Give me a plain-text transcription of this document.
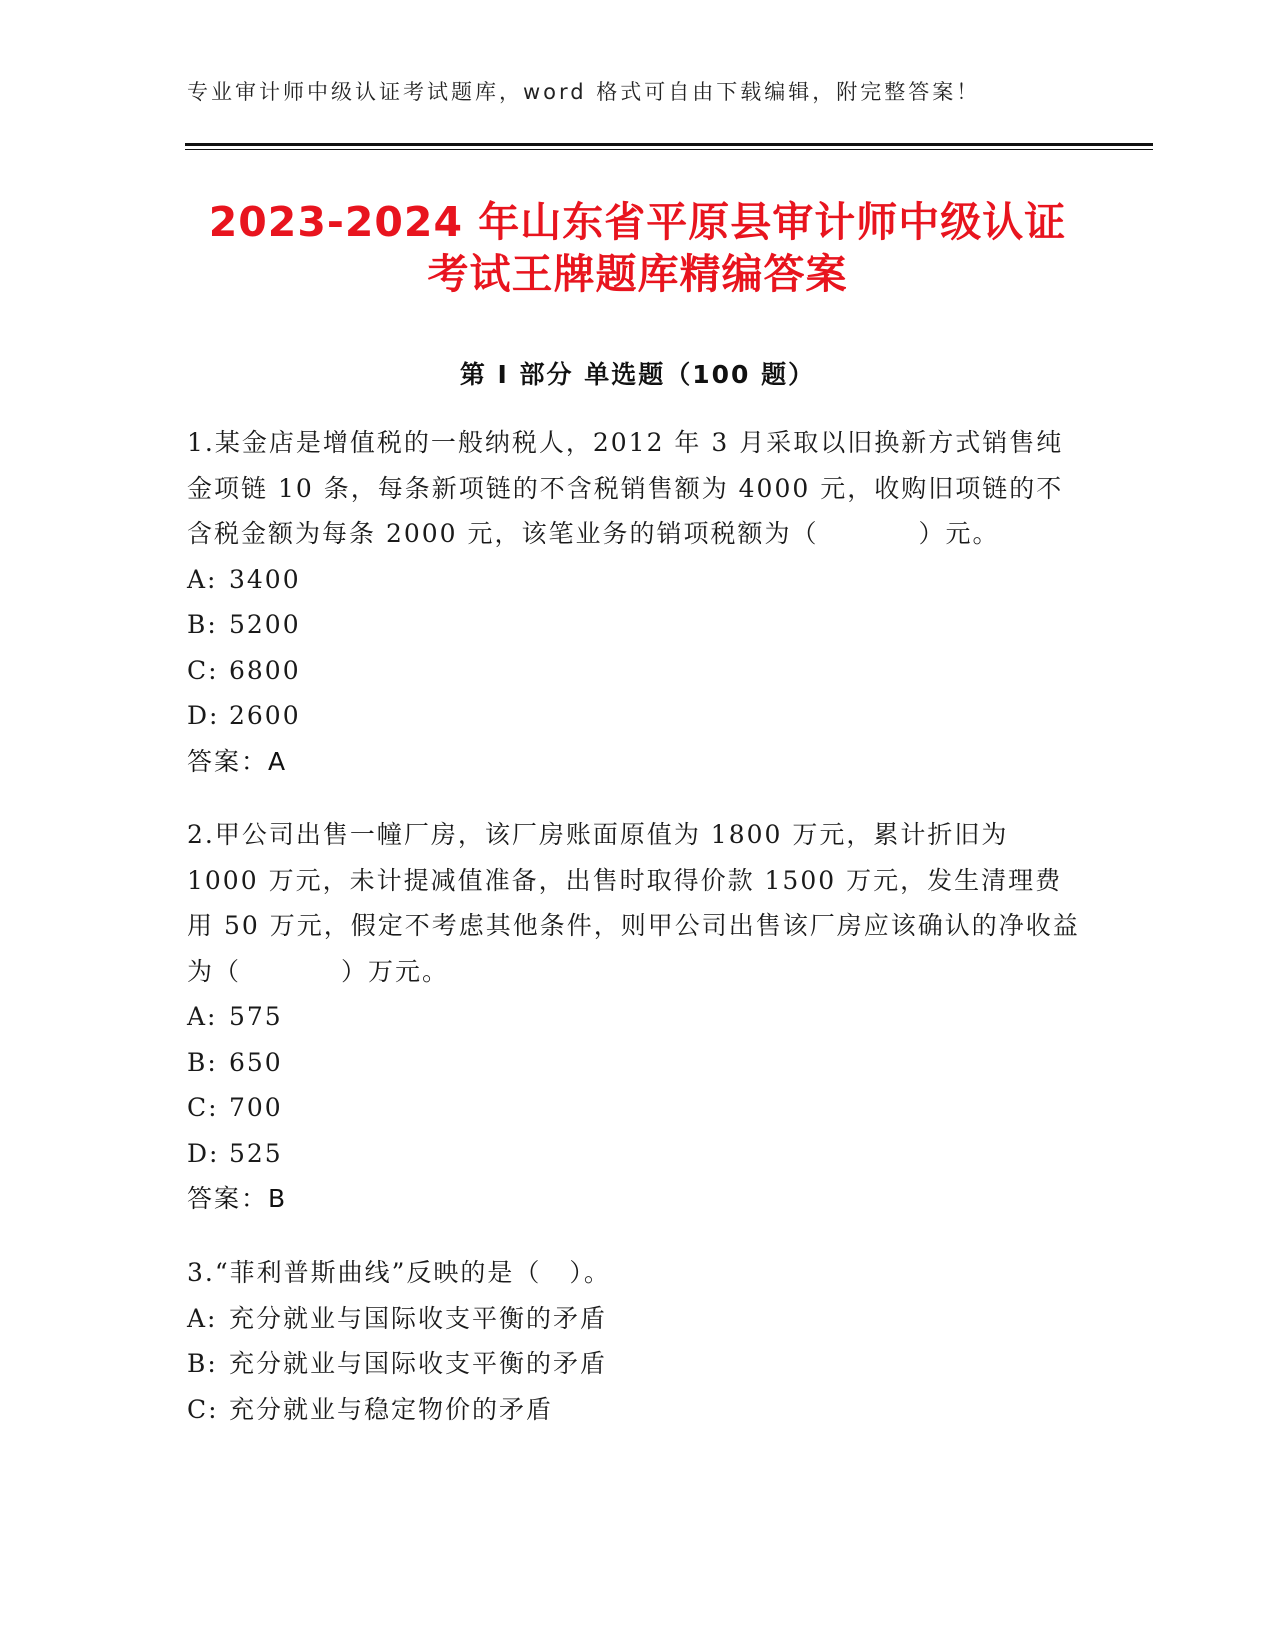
专业审计师中级认证考试题库，word 格式可自由下载编辑，附完整答案！
2023-2024 年山东省平原县审计师中级认证
考试王牌题库精编答案
第 I 部分 单选题（100 题）

1.某金店是增值税的一般纳税人，2012 年 3 月采取以旧换新方式销售纯金项链 10 条，每条新项链的不含税销售额为 4000 元，收购旧项链的不含税金额为每条 2000 元，该笔业务的销项税额为（	）元。

A: 3400

B: 5200

C: 6800

D: 2600

答案：A

2.甲公司出售一幢厂房，该厂房账面原值为 1800 万元，累计折旧为 1000 万元，未计提减值准备，出售时取得价款 1500 万元，发生清理费用 50 万元，假定不考虑其他条件，则甲公司出售该厂房应该确认的净收益为（	）万元。

A: 575

B: 650

C: 700

D: 525

答案：B

3.“菲利普斯曲线”反映的是（ ）。

A: 充分就业与国际收支平衡的矛盾

B: 充分就业与国际收支平衡的矛盾

C: 充分就业与稳定物价的矛盾
